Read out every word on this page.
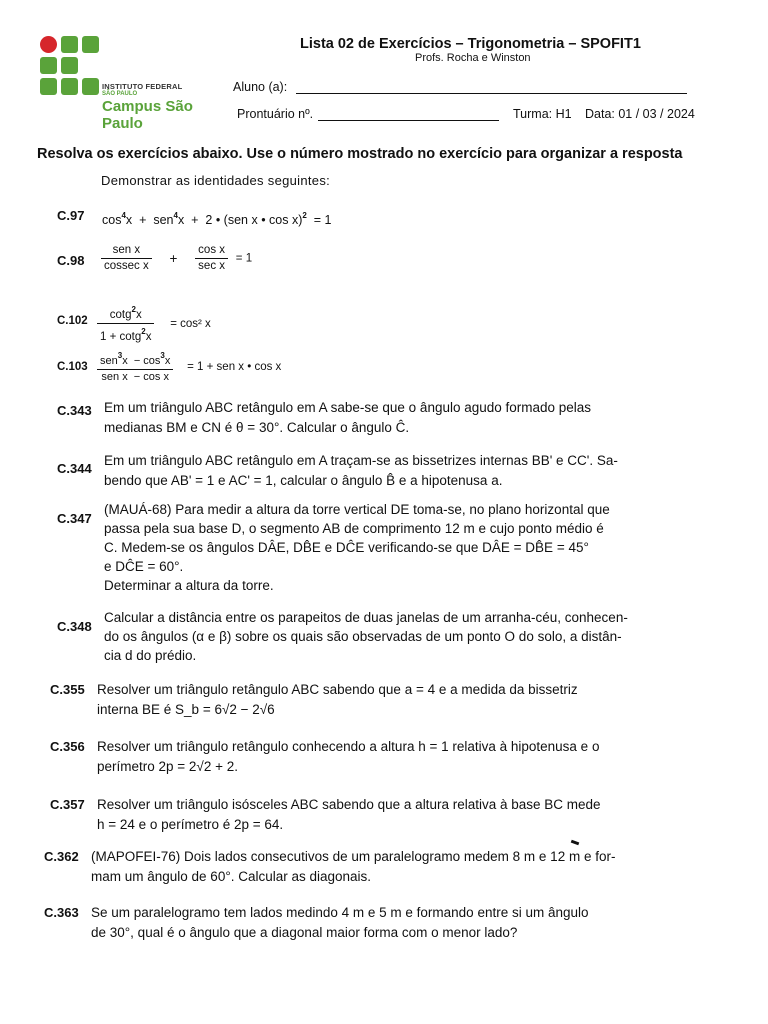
INSTITUTO FEDERAL
SÃO PAULO
Campus São Paulo
Lista 02 de Exercícios – Trigonometria – SPOFIT1
Profs. Rocha e Winston
Aluno (a):
Prontuário nº.	Turma: H1 Data: 01 / 03 / 2024
Resolva os exercícios abaixo. Use o número mostrado no exercício para organizar a resposta
Demonstrar as identidades seguintes:
C.97 $\cos^4x + sen^4x + 2$ • (sen x • cos x)$^2$  = 1
$C.98 \frac{\text{sen x}}{\text{cossec x}} + \frac{\text{cos x}}{\text{sec x}} = 1$
$C.102 \frac{\cot g^2x}{1 + \cot g^2x} = \cos^2$ x
$C.103 \frac{sen^3x - \cos^3x}{\text{sen x  − cos x}} = 1$ + sen x • cos x
C.343 Em um triângulo ABC retângulo em A sabe-se que o ângulo agudo formado pelas
medianas BM e CN é θ = 30°. Calcular o ângulo Ĉ.
C.344
Em um triângulo ABC retângulo em A traçam-se as bissetrizes internas BB' e CC'. Sa-
bendo que AB' = 1 e AC' = 1, calcular o ângulo B̂ e a hipotenusa a.
C.347
(MAUÁ-68) Para medir a altura da torre vertical DE toma-se, no plano horizontal que
passa pela sua base D, o segmento AB de comprimento 12 m e cujo ponto médio é
C. Medem-se os ângulos DÂE, DB̂E e DĈE verificando-se que DÂE = DB̂E = 45°
e DĈE = 60°.
Determinar a altura da torre.
C.348
Calcular a distância entre os parapeitos de duas janelas de um arranha-céu, conhecen-
do os ângulos (α e β) sobre os quais são observadas de um ponto O do solo, a distân-
cia d do prédio.
C.355 Resolver um triângulo retângulo ABC sabendo que a = 4 e a medida da bissetriz
interna BE é S_b = 6√2 − 2√6
C.356 Resolver um triângulo retângulo conhecendo a altura h = 1 relativa à hipotenusa e o
perímetro 2p = 2√2 + 2.
C.357 Resolver um triângulo isósceles ABC sabendo que a altura relativa à base BC mede
h = 24 e o perímetro é 2p = 64.
C.362 (MAPOFEI-76) Dois lados consecutivos de um paralelogramo medem 8 m e 12 m e for-
mam um ângulo de 60°. Calcular as diagonais.
C.363 Se um paralelogramo tem lados medindo 4 m e 5 m e formando entre si um ângulo
de 30°, qual é o ângulo que a diagonal maior forma com o menor lado?
